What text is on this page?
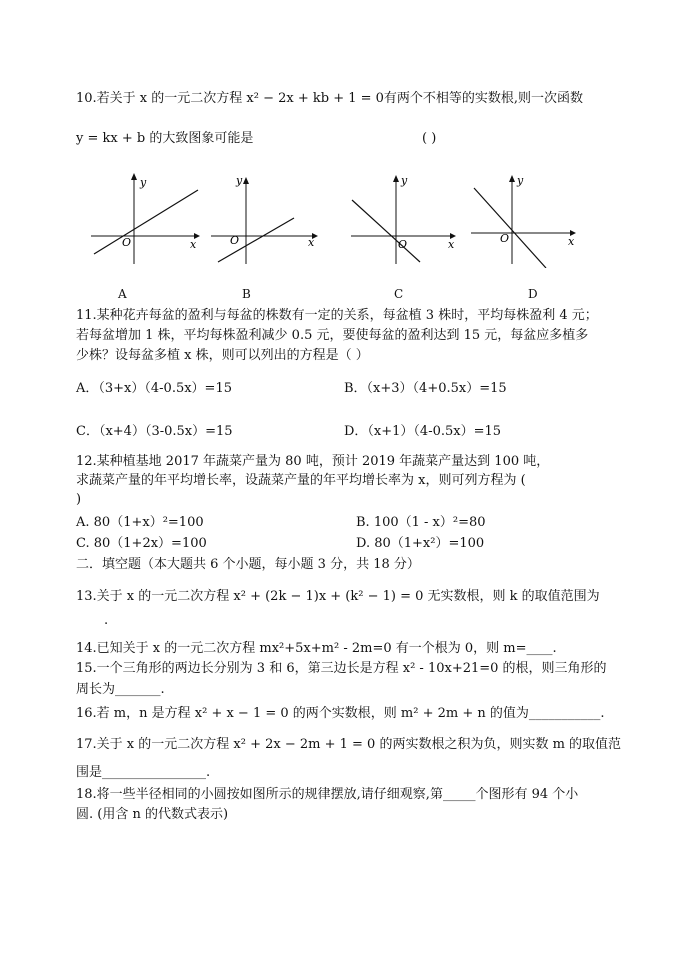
10.若关于 x 的一元二次方程 x² − 2x + kb + 1 = 0有两个不相等的实数根,则一次函数
y = kx + b 的大致图象可能是	( )
O	x
y
O	x
y
O	x
y
O	x
y
A	B	C	D
11.某种花卉每盆的盈利与每盆的株数有一定的关系，每盆植 3 株时，平均每株盈利 4 元；
若每盆增加 1 株，平均每株盈利减少 0.5 元，要使每盆的盈利达到 15 元，每盆应多植多
少株？设每盆多植 x 株，则可以列出的方程是（ ）
A．（3+x）（4-0.5x）=15	B．（x+3）（4+0.5x）=15
C．（x+4）（3-0.5x）=15	D．（x+1）（4-0.5x）=15
12.某种植基地 2017 年蔬菜产量为 80 吨，预计 2019 年蔬菜产量达到 100 吨，
求蔬菜产量的年平均增长率，设蔬菜产量的年平均增长率为 x，则可列方程为 (
)
A. 80（1+x）²=100	B. 100（1 - x）²=80
C. 80（1+2x）=100	D. 80（1+x²）=100
二．填空题（本大题共 6 个小题，每小题 3 分，共 18 分）
13.关于 x 的一元二次方程 x² + (2k − 1)x + (k² − 1) = 0 无实数根，则 k 的取值范围为
.
14.已知关于 x 的一元二次方程 mx²+5x+m² - 2m=0 有一个根为 0，则 m=____.
15.一个三角形的两边长分别为 3 和 6，第三边长是方程 x² - 10x+21=0 的根，则三角形的
周长为_______.
16.若 m，n 是方程 x² + x − 1 = 0 的两个实数根，则 m² + 2m + n 的值为___________.
17.关于 x 的一元二次方程 x² + 2x − 2m + 1 = 0 的两实数根之积为负，则实数 m 的取值范
围是________________.
18.将一些半径相同的小圆按如图所示的规律摆放,请仔细观察,第_____个图形有 94 个小
圆. (用含 n 的代数式表示)
